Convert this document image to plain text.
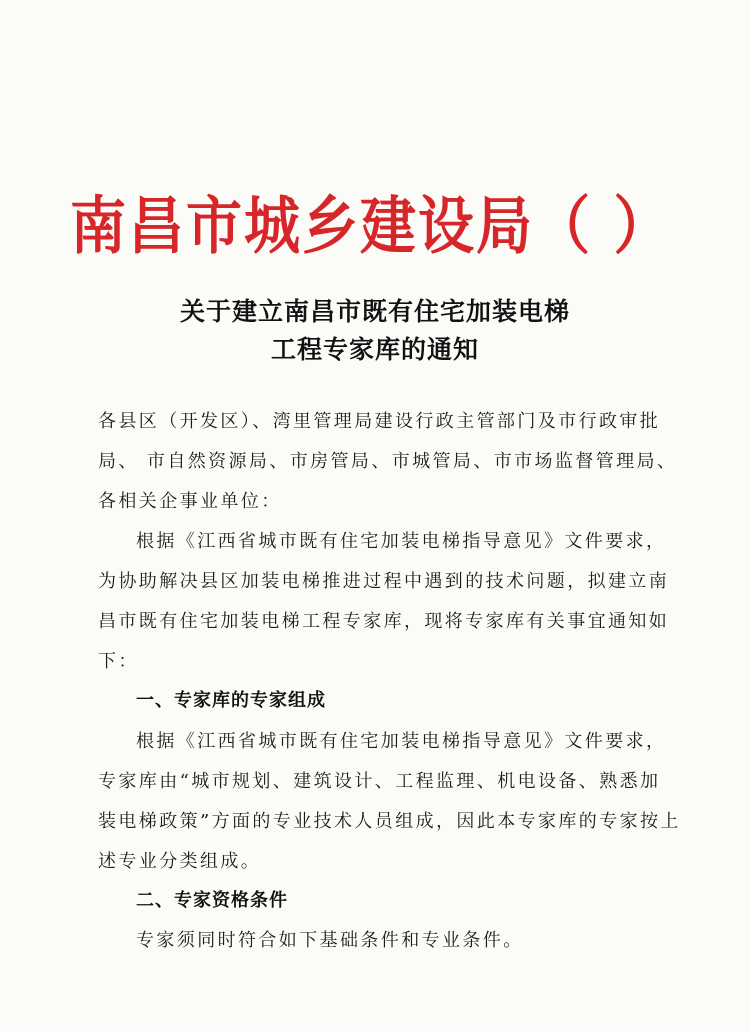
南昌市城乡建设局（ ）
关于建立南昌市既有住宅加装电梯
工程专家库的通知
各县区（开发区）、湾里管理局建设行政主管部门及市行政审批
局、 市自然资源局、市房管局、市城管局、市市场监督管理局、
各相关企事业单位：
根据《江西省城市既有住宅加装电梯指导意见》文件要求，
为协助解决县区加装电梯推进过程中遇到的技术问题，拟建立南
昌市既有住宅加装电梯工程专家库，现将专家库有关事宜通知如
下：
一、专家库的专家组成
根据《江西省城市既有住宅加装电梯指导意见》文件要求，
专家库由“城市规划、建筑设计、工程监理、机电设备、熟悉加
装电梯政策”方面的专业技术人员组成，因此本专家库的专家按上
述专业分类组成。
二、专家资格条件
专家须同时符合如下基础条件和专业条件。
